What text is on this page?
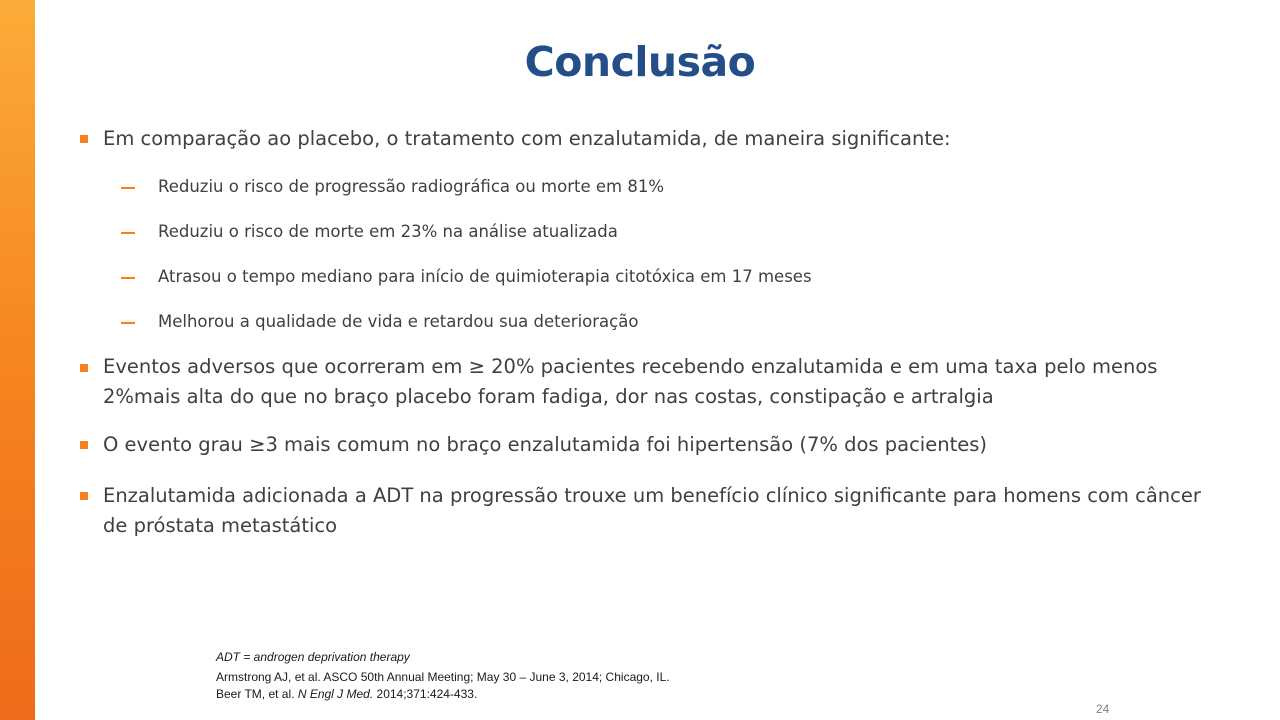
Conclusão
Em comparação ao placebo, o tratamento com enzalutamida, de maneira significante:
Reduziu o risco de progressão radiográfica ou morte em 81%
Reduziu o risco de morte em 23% na análise atualizada
Atrasou o tempo mediano para início de quimioterapia citotóxica em 17 meses
Melhorou a qualidade de vida e retardou sua deterioração
Eventos adversos que ocorreram em ≥ 20% pacientes recebendo enzalutamida e em uma taxa pelo menos 2%mais alta do que no braço placebo foram fadiga, dor nas costas, constipação e artralgia
O evento grau ≥3 mais comum no braço enzalutamida foi hipertensão (7% dos pacientes)
Enzalutamida adicionada a ADT na progressão trouxe um benefício clínico significante para homens com câncer de próstata metastático
ADT = androgen deprivation therapy
Armstrong AJ, et al. ASCO 50th Annual Meeting; May 30 – June 3, 2014; Chicago, IL.
Beer TM, et al. N Engl J Med. 2014;371:424-433.
24
